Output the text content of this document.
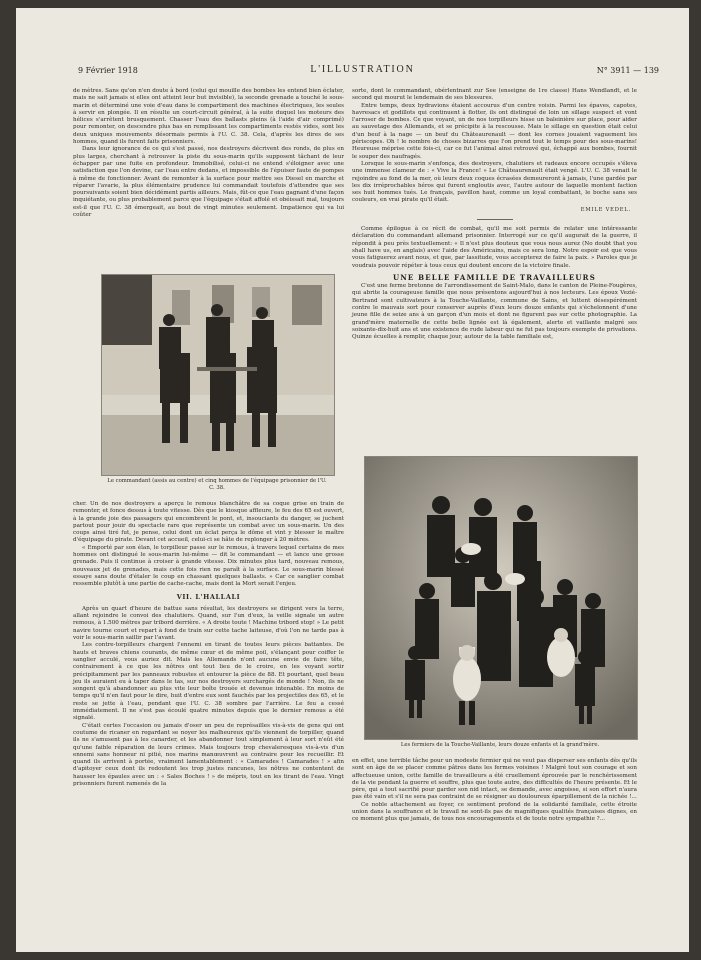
9 Février 1918	L'ILLUSTRATION	N° 3911 — 139

de mètres. Sans qu'on n'en doute à bord (celui qui mouille des bombes les entend bien éclater, mais ne sait jamais si elles ont atteint leur but invisible), la seconde grenade a touché le sous-marin et déterminé une voie d'eau dans le compartiment des machines électriques, les seules à servir en plongée. Il en résulte un court-circuit général, à la suite duquel les moteurs des hélices s'arrêtent brusquement. Chasser l'eau des ballasts pleins (à l'aide d'air comprimé) pour remonter, on descendre plus bas en remplissant les compartiments restés vides, sont les deux uniques mouvements désormais permis à l'U. C. 38. Cela, d'après les dires de ses hommes, quand ils furent faits prisonniers.

Dans leur ignorance de ce qui s'est passé, nos destroyers décrivent des ronds, de plus en plus larges, cherchant à retrouver la piste du sous-marin qu'ils supposent tâchant de leur échapper par une fuite en profondeur. Immobilisé, celui-ci ne entend s'éloigner avec une satisfaction que l'on devine, car l'eau entre dedans, et impossible de l'épuiser faute de pompes à même de fonctionner. Avant de remonter à la surface pour mettre ses Diesel en marche et réparer l'avarie, la plus élémentaire prudence lui commandait toutefois d'attendre que ses poursuivants soient bien décidément partis ailleurs. Mais, fût-ce que l'eau gagnant d'une façon inquiétante, ou plus probablement parce que l'équipage s'était affolé et obéissait mal, toujours est-il que l'U. C. 38 émergeait, au bout de vingt minutes seulement. Impatience qui va lui coûter

Le commandant (assis au centre) et cinq hommes de l'équipage prisonnier de l'U. C. 38.

cher. Un de nos destroyers a aperçu le remous blanchâtre de sa coque grise en train de remonter, et fonce dessus à toute vitesse. Dès que le kiosque affleure, le feu des 65 est ouvert, à la grande joie des passagers qui encombrent le pont, et, insouciants du danger, se juchent partout pour jouir du spectacle rare que représente un combat avec un sous-marin. Un des coups ainsi tiré fut, je pense, celui dont un éclat perça le dôme et vint y blesser le maître d'équipage du pirate. Devant cet accueil, celui-ci se hâte de replonger à 20 mètres.

« Emporté par son élan, le torpilleur passe sur le remous, à travers lequel certains de mes hommes ont distingué le sous-marin lui-même — dit le commandant — et lance une grosse grenade. Puis il continue à croiser à grande vitesse. Dix minutes plus tard, nouveau remous, nouveaux jet de grenades, mais cette fois rien ne paraît à la surface. Le sous-marin blessé essaye sans doute d'étaler le coup en chassant quelques ballasts. » Car ce sanglier combat ressemble plutôt à une partie de cache-cache, mais dont la Mort serait l'enjeu.

VII. L'HALLALI

Après un quart d'heure de battue sans résultat, les destroyers se dirigent vers la terre, allant rejoindre le convoi des chalutiers. Quand, sur l'un d'eux, la veille signale un autre remous, à 1.500 mètres par tribord derrière. « A droite toute ! Machine tribord stop! » Le petit navire tourne court et repart à fond de train sur cette tache laiteuse, d'où l'on ne tarde pas à voir le sous-marin saillir par l'avant.

Les contre-torpilleurs chargent l'ennemi en tirant de toutes leurs pièces battantes. De hauts et braves chiens courants, de même cœur et de même poil, s'élançant pour coiffer le sanglier acculé, vous auriez dit. Mais les Allemands n'ont aucune envie de faire tête, contrairement à ce que les nôtres ont tout lieu de le croire, en les voyant sortir précipitamment par les panneaux robustes et entourer la pièce de 88. Et pourtant, quel beau jeu ils auraient eu à taper dans le tas, sur nos destroyers surchargés de monde ! Non, ils ne songent qu'à abandonner au plus vite leur boîte trouée et devenue intenable. En moins de temps qu'il n'en faut pour le dire, huit d'entre eux sont fauchés par les projectiles des 65, et le reste se jette à l'eau, pendant que l'U. C. 38 sombre par l'arrière. Le feu a cessé immédiatement. Il ne s'est pas écoulé quatre minutes depuis que le dernier remous a été signalé.

C'était certes l'occasion ou jamais d'oser un peu de représailles vis-à-vis de gens qui ont coutume de ricaner en regardant se noyer les malheureux qu'ils viennent de torpiller, quand ils ne s'amusent pas à les canarder, et les abandonner tout simplement à leur sort n'eût été qu'une faible réparation de leurs crimes. Mais toujours trop chevaleresques vis-à-vis d'un ennemi sans honneur ni pitié, nos marins manœuvrent au contraire pour les recueillir. Et quand ils arrivent à portée, vraiment lamentablement : « Camarades ! Camarades ! » afin d'apitoyer ceux dont ils redoutent les trop justes rancunes, les nôtres ne contentent de hausser les épaules avec un : « Sales Boches ! » de mépris, tout en les tirant de l'eau. Vingt prisonniers furent ramenés de la

sorte, dont le commandant, obérlentnant zur See (enseigne de 1re classe) Hans Wendlandt, et le second qui mourut le lendemain de ses blessures.

Entre temps, deux hydravions étaient accourus d'un centre voisin. Parmi les épaves, capotes, havresacs et godillots qui continuent à flotter, ils ont distingué de loin un sillage suspect et vont l'arroser de bombes. Ce que voyant, un de nos torpilleurs hisse un baleinière sur place, pour aider au sauvetage des Allemands, et se précipite à la rescousse. Mais le sillage en question était celui d'un beuf à la nage — un beuf du Châteaurenault — dont les cornes jouaient vaguement les périscopes. Oh ! le nombre de choses bizarres que l'on prend tout le temps pour des sous-marins! Heureuse méprise cette fois-ci, car ce fut l'animal ainsi retrouvé qui, échappé aux bombes, fournit le souper des naufragés.

Lorsque le sous-marin s'enfonça, des destroyers, chalutiers et radeaux encore occupés s'éleva une immense clameur de : « Vive la France! » Le Châteaurenault était vengé. L'U. C. 38 venait le rejoindre au fond de la mer, où leurs deux coques écrasées demeureront à jamais, l'une gardée par les dix irréprochables héros qui furent engloutis avec, l'autre autour de laquelle montent faction ses huit hommes tués. Le français, pavillon haut, comme un loyal combattant, le boche sans ses couleurs, en vrai pirate qu'il était.

EMILE VEDEL.

Comme épilogue à ce récit de combat, qu'il me soit permis de relater une intéressante déclaration du commandant allemand prisonnier. Interrogé sur ce qu'il augurait de la guerre, il répondit à peu près textuellement: « Il n'est plus douteux que vous nous aurez (No doubt that you shall have us, en anglais) avec l'aide des Américains, mais ce sera long. Notre espoir est que vous vous fatiguerez avant nous, et que, par lassitude, vous accepterez de faire la paix. » Paroles que je voudrais pouvoir répéter à tous ceux qui doutent encore de la victoire finale.

UNE BELLE FAMILLE DE TRAVAILLEURS

C'est une ferme bretonne de l'arrondissement de Saint-Malo, dans le canton de Pleine-Fougères, qui abrite la courageuse famille que nous présentons aujourd'hui à nos lecteurs. Les époux Vezié-Bertrand sont cultivateurs à la Touche-Vaillante, commune de Sains, et luttent désespérément contre le mauvais sort pour conserver auprès d'eux leurs douze enfants qui s'échelonnent d'une jeune fille de seize ans à un garçon d'un mois et dont ne figurent pas sur cette photographie. La grand'mère maternelle de cette belle lignée est là également, alerte et vaillante malgré ses soixante-dix-huit ans et une existence de rude labeur qui ne fut pas toujours exempte de privations. Quinze écuelles à remplir, chaque jour, autour de la table familiale est,

Les fermiers de la Touche-Vaillante, leurs douze enfants et la grand'mère.

en effet, une terrible tâche pour un modeste fermier qui ne veut pas disperser ses enfants dès qu'ils sont en âge de se placer comme pâtres dans les fermes voisines ! Malgré tout son courage et son affectueuse union, cette famille de travailleurs a été cruellement éprouvée par le renchérissement de la vie pendant la guerre et souffre, plus que toute autre, des difficultés de l'heure présente. Et le père, qui a tout sacrifié pour garder son nid intact, se demande, avec angoisse, si son effort n'aura pas été vain et s'il ne sera pas contraint de se résigner au douloureux éparpillement de la nichée !...

Ce noble attachement au foyer, ce sentiment profond de la solidarité familiale, cette étroite union dans la souffrance et le travail ne sont-ils pas de magnifiques qualités françaises dignes, en ce moment plus que jamais, de tous nos encouragements et de toute notre sympathie ?...
